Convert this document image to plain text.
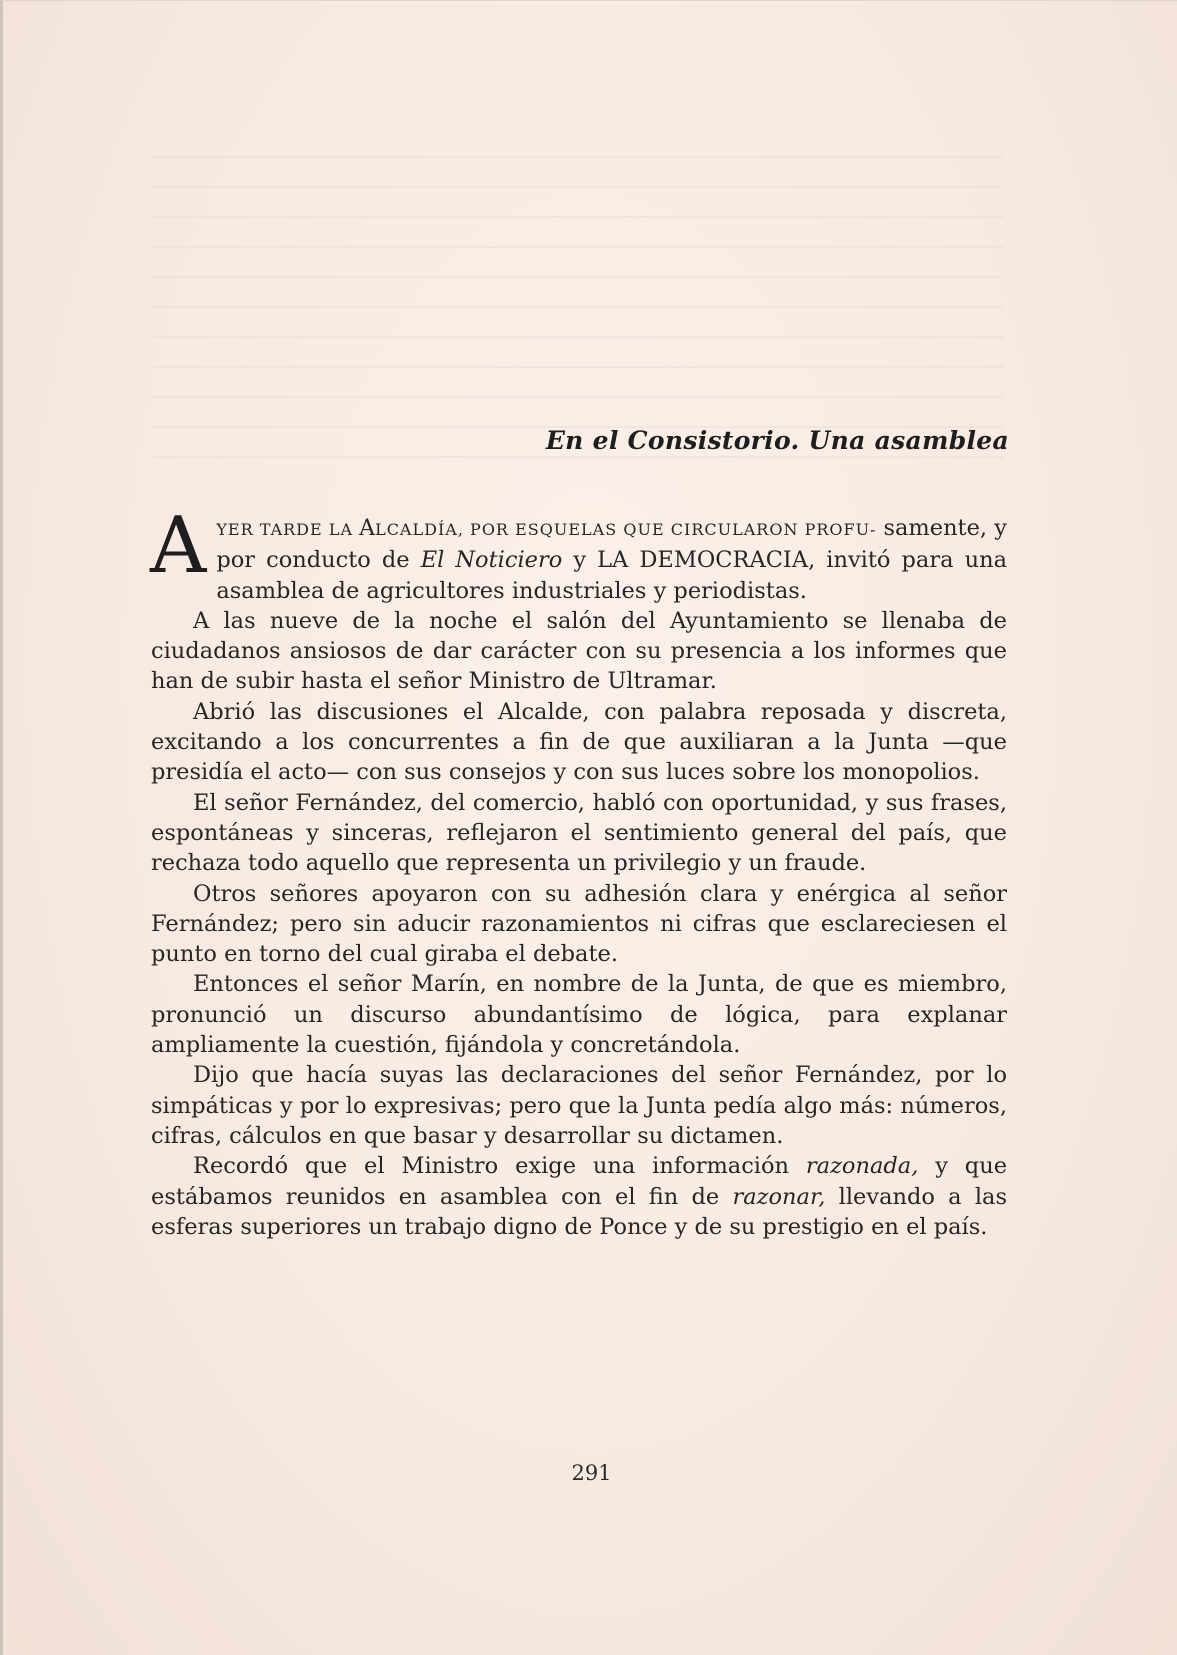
En el Consistorio. Una asamblea

AYER TARDE LA ALCALDÍA, POR ESQUELAS QUE CIRCULARON PROFU- samente, y por conducto de El Noticiero y LA DEMOCRACIA, invitó para una asamblea de agricultores industriales y periodistas.

A las nueve de la noche el salón del Ayuntamiento se llenaba de ciudadanos ansiosos de dar carácter con su presencia a los informes que han de subir hasta el señor Ministro de Ultramar.

Abrió las discusiones el Alcalde, con palabra reposada y discreta, excitando a los concurrentes a fin de que auxiliaran a la Junta —que presidía el acto— con sus consejos y con sus luces sobre los monopolios.

El señor Fernández, del comercio, habló con oportunidad, y sus frases, espontáneas y sinceras, reflejaron el sentimiento general del país, que rechaza todo aquello que representa un privilegio y un fraude.

Otros señores apoyaron con su adhesión clara y enérgica al señor Fernández; pero sin aducir razonamientos ni cifras que esclareciesen el punto en torno del cual giraba el debate.

Entonces el señor Marín, en nombre de la Junta, de que es miembro, pronunció un discurso abundantísimo de lógica, para explanar ampliamente la cuestión, fijándola y concretándola.

Dijo que hacía suyas las declaraciones del señor Fernández, por lo simpáticas y por lo expresivas; pero que la Junta pedía algo más: números, cifras, cálculos en que basar y desarrollar su dictamen.

Recordó que el Ministro exige una información razonada, y que estábamos reunidos en asamblea con el fin de razonar, llevando a las esferas superiores un trabajo digno de Ponce y de su prestigio en el país.

291
